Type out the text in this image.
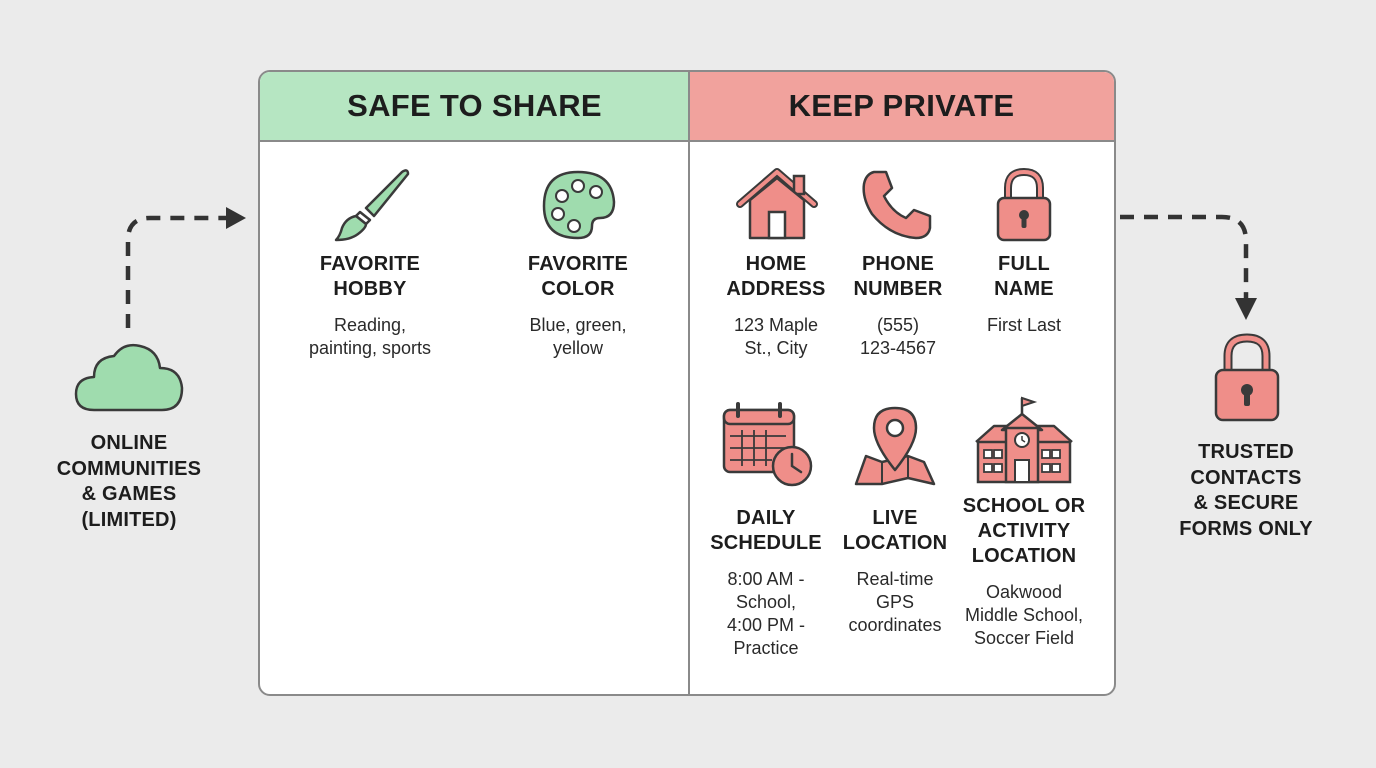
ONLINE
COMMUNITIES
& GAMES
(LIMITED)
TRUSTED
CONTACTS
& SECURE
FORMS ONLY
SAFE TO SHARE	KEEP PRIVATE
FAVORITE
HOBBY
Reading,
painting, sports
FAVORITE
COLOR
Blue, green,
yellow
HOME
ADDRESS
123 Maple
St., City
PHONE
NUMBER
(555)
123-4567
FULL
NAME
First Last
DAILY
SCHEDULE
8:00 AM -
School,
4:00 PM -
Practice
LIVE
LOCATION
Real-time
GPS
coordinates
SCHOOL OR
ACTIVITY
LOCATION
Oakwood
Middle School,
Soccer Field
